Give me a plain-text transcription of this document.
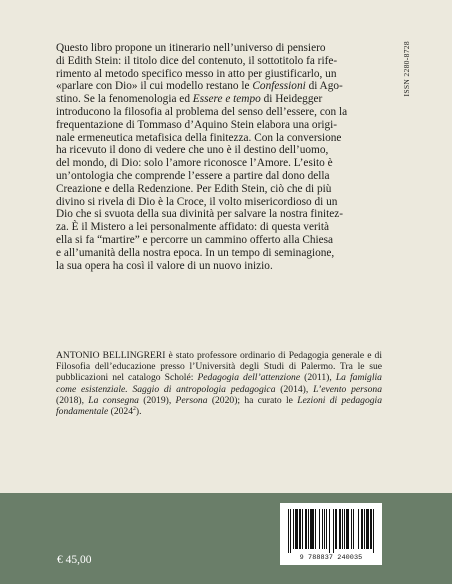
Questo libro propone un itinerario nell’universo di pensiero
di Edith Stein: il titolo dice del contenuto, il sottotitolo fa rife-
rimento al metodo specifico messo in atto per giustificarlo, un
«parlare con Dio» il cui modello restano le Confessioni di Ago-
stino. Se la fenomenologia ed Essere e tempo di Heidegger
introducono la filosofia al problema del senso dell’essere, con la
frequentazione di Tommaso d’Aquino Stein elabora una origi-
nale ermeneutica metafisica della finitezza. Con la conversione
ha ricevuto il dono di vedere che uno è il destino dell’uomo,
del mondo, di Dio: solo l’amore riconosce l’Amore. L’esito è
un’ontologia che comprende l’essere a partire dal dono della
Creazione e della Redenzione. Per Edith Stein, ciò che di più
divino si rivela di Dio è la Croce, il volto misericordioso di un
Dio che si svuota della sua divinità per salvare la nostra finitez-
za. È il Mistero a lei personalmente affidato: di questa verità
ella si fa “martire” e percorre un cammino offerto alla Chiesa
e all’umanità della nostra epoca. In un tempo di seminagione,
la sua opera ha così il valore di un nuovo inizio.

ISSN 2280-8728

ANTONIO BELLINGRERI è stato professore ordinario di Pedagogia generale e di Filosofia dell’educazione presso l’Università degli Studi di Palermo. Tra le sue pubblicazioni nel catalogo Scholé: Pedagogia dell’attenzione (2011), La famiglia come esistenziale. Saggio di antropologia pedagogica (2014), L’evento persona (2018), La consegna (2019), Persona (2020); ha curato le Lezioni di pedagogia fondamentale (2024$^2$).

€ 45,00	9 788837 240035
